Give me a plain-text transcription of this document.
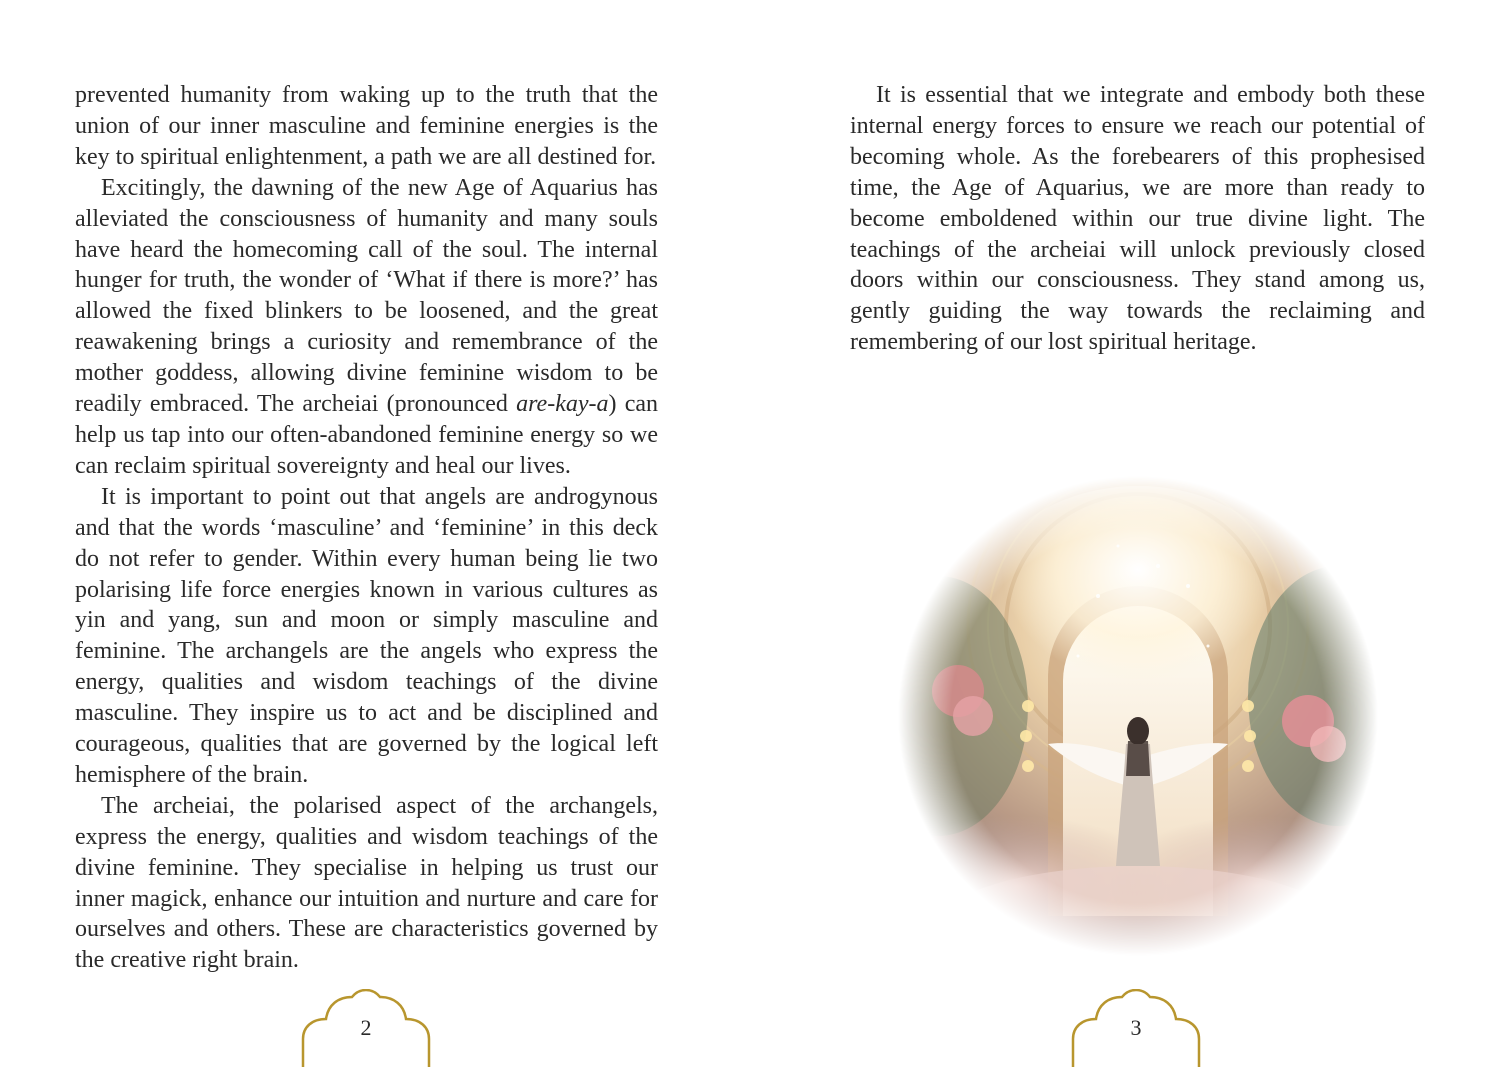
prevented humanity from waking up to the truth that the union of our inner masculine and feminine energies is the key to spiritual enlightenment, a path we are all destined for.

Excitingly, the dawning of the new Age of Aquarius has alleviated the consciousness of humanity and many souls have heard the homecoming call of the soul. The internal hunger for truth, the wonder of ‘What if there is more?’ has allowed the fixed blinkers to be loosened, and the great reawakening brings a curiosity and remembrance of the mother goddess, allowing divine feminine wisdom to be readily embraced. The archeiai (pronounced are-kay-a) can help us tap into our often-abandoned feminine energy so we can reclaim spiritual sovereignty and heal our lives.

It is important to point out that angels are androgynous and that the words ‘masculine’ and ‘feminine’ in this deck do not refer to gender. Within every human being lie two polarising life force energies known in various cultures as yin and yang, sun and moon or simply masculine and feminine. The archangels are the angels who express the energy, qualities and wisdom teachings of the divine masculine. They inspire us to act and be disciplined and courageous, qualities that are governed by the logical left hemisphere of the brain.

The archeiai, the polarised aspect of the archangels, express the energy, qualities and wisdom teachings of the divine feminine. They specialise in helping us trust our inner magick, enhance our intuition and nurture and care for ourselves and others. These are characteristics governed by the creative right brain.

2

It is essential that we integrate and embody both these internal energy forces to ensure we reach our potential of becoming whole. As the forebearers of this prophesised time, the Age of Aquarius, we are more than ready to become emboldened within our true divine light. The teachings of the archeiai will unlock previously closed doors within our consciousness. They stand among us, gently guiding the way towards the reclaiming and remembering of our lost spiritual heritage.

3
